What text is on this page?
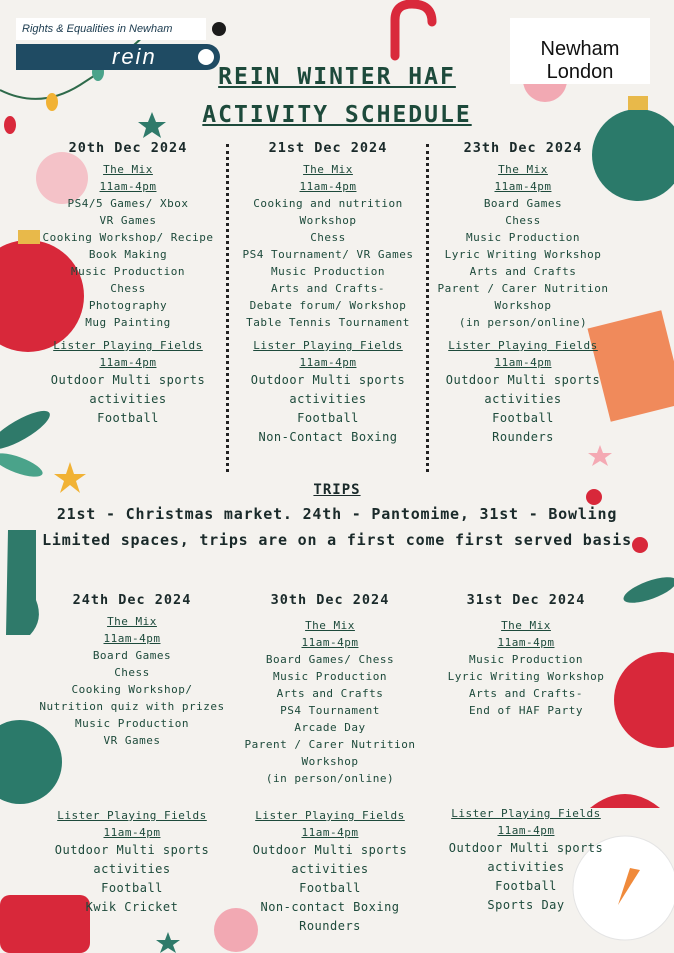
Rights & Equalities in Newham
rein	Newham London
REIN WINTER HAF
ACTIVITY SCHEDULE
20th Dec 2024
The Mix
11am-4pm
PS4/5 Games/ Xbox
VR Games
Cooking Workshop/ Recipe
Book Making
Music Production
Chess
Photography
Mug Painting
Lister Playing Fields
11am-4pm
Outdoor Multi sports
activities
Football
21st Dec 2024
The Mix
11am-4pm
Cooking and nutrition
Workshop
Chess
PS4 Tournament/ VR Games
Music Production
Arts and Crafts-
Debate forum/ Workshop
Table Tennis Tournament
Lister Playing Fields
11am-4pm
Outdoor Multi sports
activities
Football
Non-Contact Boxing
23th Dec 2024
The Mix
11am-4pm
Board Games
Chess
Music Production
Lyric Writing Workshop
Arts and Crafts
Parent / Carer Nutrition
Workshop
(in person/online)
Lister Playing Fields
11am-4pm
Outdoor Multi sports
activities
Football
Rounders
TRIPS
21st - Christmas market. 24th - Pantomime, 31st - Bowling
Limited spaces, trips are on a first come first served basis
24th Dec 2024
The Mix
11am-4pm
Board Games
Chess
Cooking Workshop/
Nutrition quiz with prizes
Music Production
VR Games
Lister Playing Fields
11am-4pm
Outdoor Multi sports
activities
Football
Kwik Cricket
30th Dec 2024
The Mix
11am-4pm
Board Games/ Chess
Music Production
Arts and Crafts
PS4 Tournament
Arcade Day
Parent / Carer Nutrition
Workshop
(in person/online)
Lister Playing Fields
11am-4pm
Outdoor Multi sports
activities
Football
Non-contact Boxing
Rounders
31st Dec 2024
The Mix
11am-4pm
Music Production
Lyric Writing Workshop
Arts and Crafts-
End of HAF Party
Lister Playing Fields
11am-4pm
Outdoor Multi sports
activities
Football
Sports Day
